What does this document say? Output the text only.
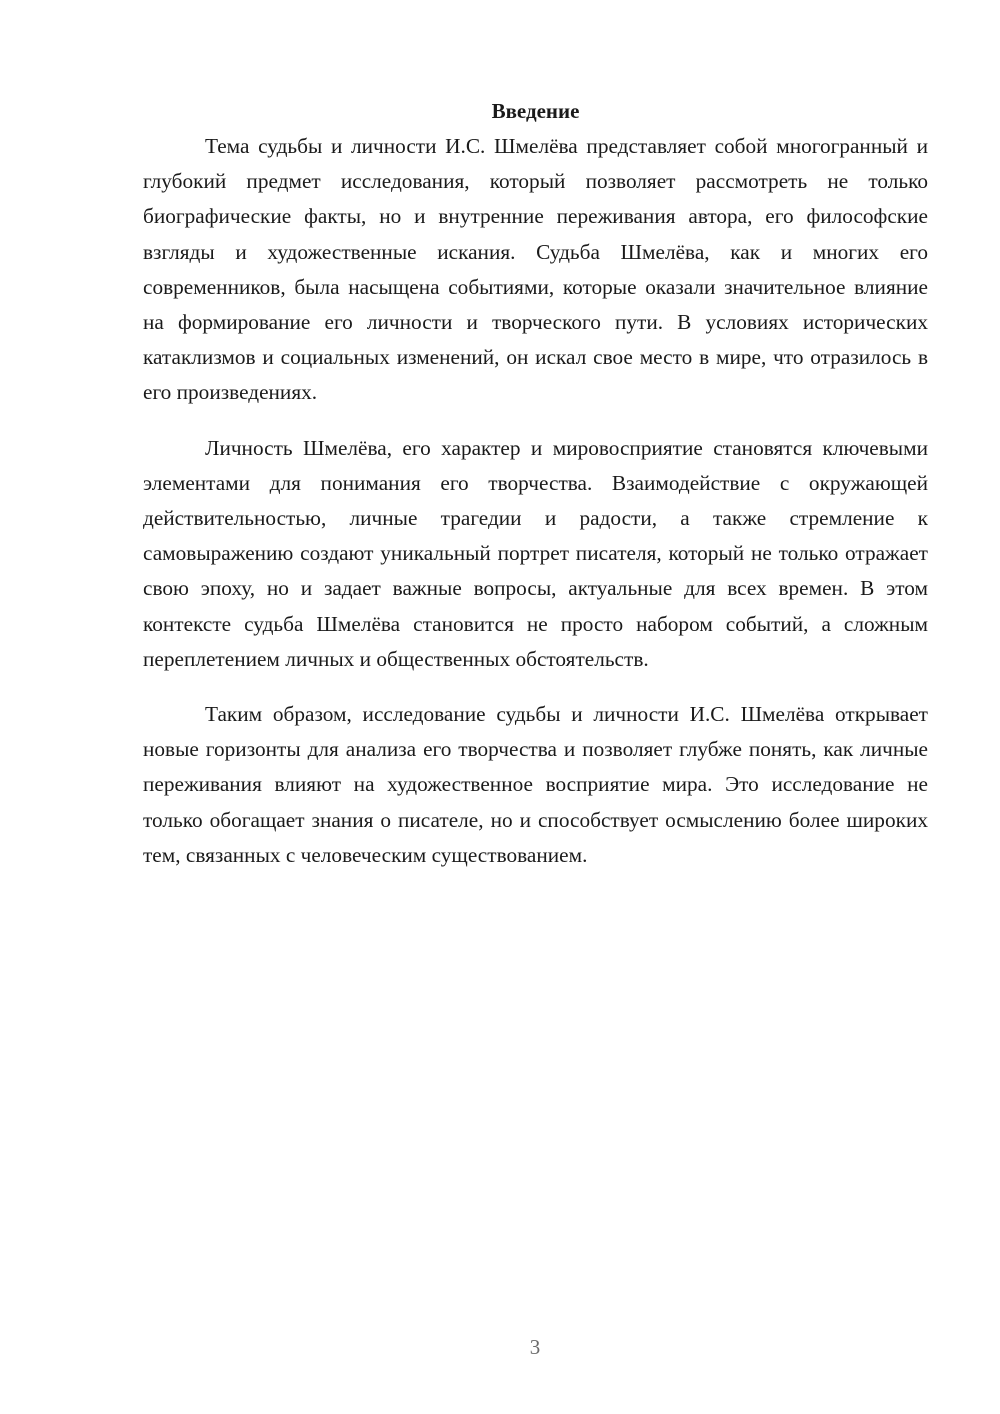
Введение

Тема судьбы и личности И.С. Шмелёва представляет собой многогранный и глубокий предмет исследования, который позволяет рассмотреть не только биографические факты, но и внутренние переживания автора, его философские взгляды и художественные искания. Судьба Шмелёва, как и многих его современников, была насыщена событиями, которые оказали значительное влияние на формирование его личности и творческого пути. В условиях исторических катаклизмов и социальных изменений, он искал свое место в мире, что отразилось в его произведениях.

Личность Шмелёва, его характер и мировосприятие становятся ключевыми элементами для понимания его творчества. Взаимодействие с окружающей действительностью, личные трагедии и радости, а также стремление к самовыражению создают уникальный портрет писателя, который не только отражает свою эпоху, но и задает важные вопросы, актуальные для всех времен. В этом контексте судьба Шмелёва становится не просто набором событий, а сложным переплетением личных и общественных обстоятельств.

Таким образом, исследование судьбы и личности И.С. Шмелёва открывает новые горизонты для анализа его творчества и позволяет глубже понять, как личные переживания влияют на художественное восприятие мира. Это исследование не только обогащает знания о писателе, но и способствует осмыслению более широких тем, связанных с человеческим существованием.

3
